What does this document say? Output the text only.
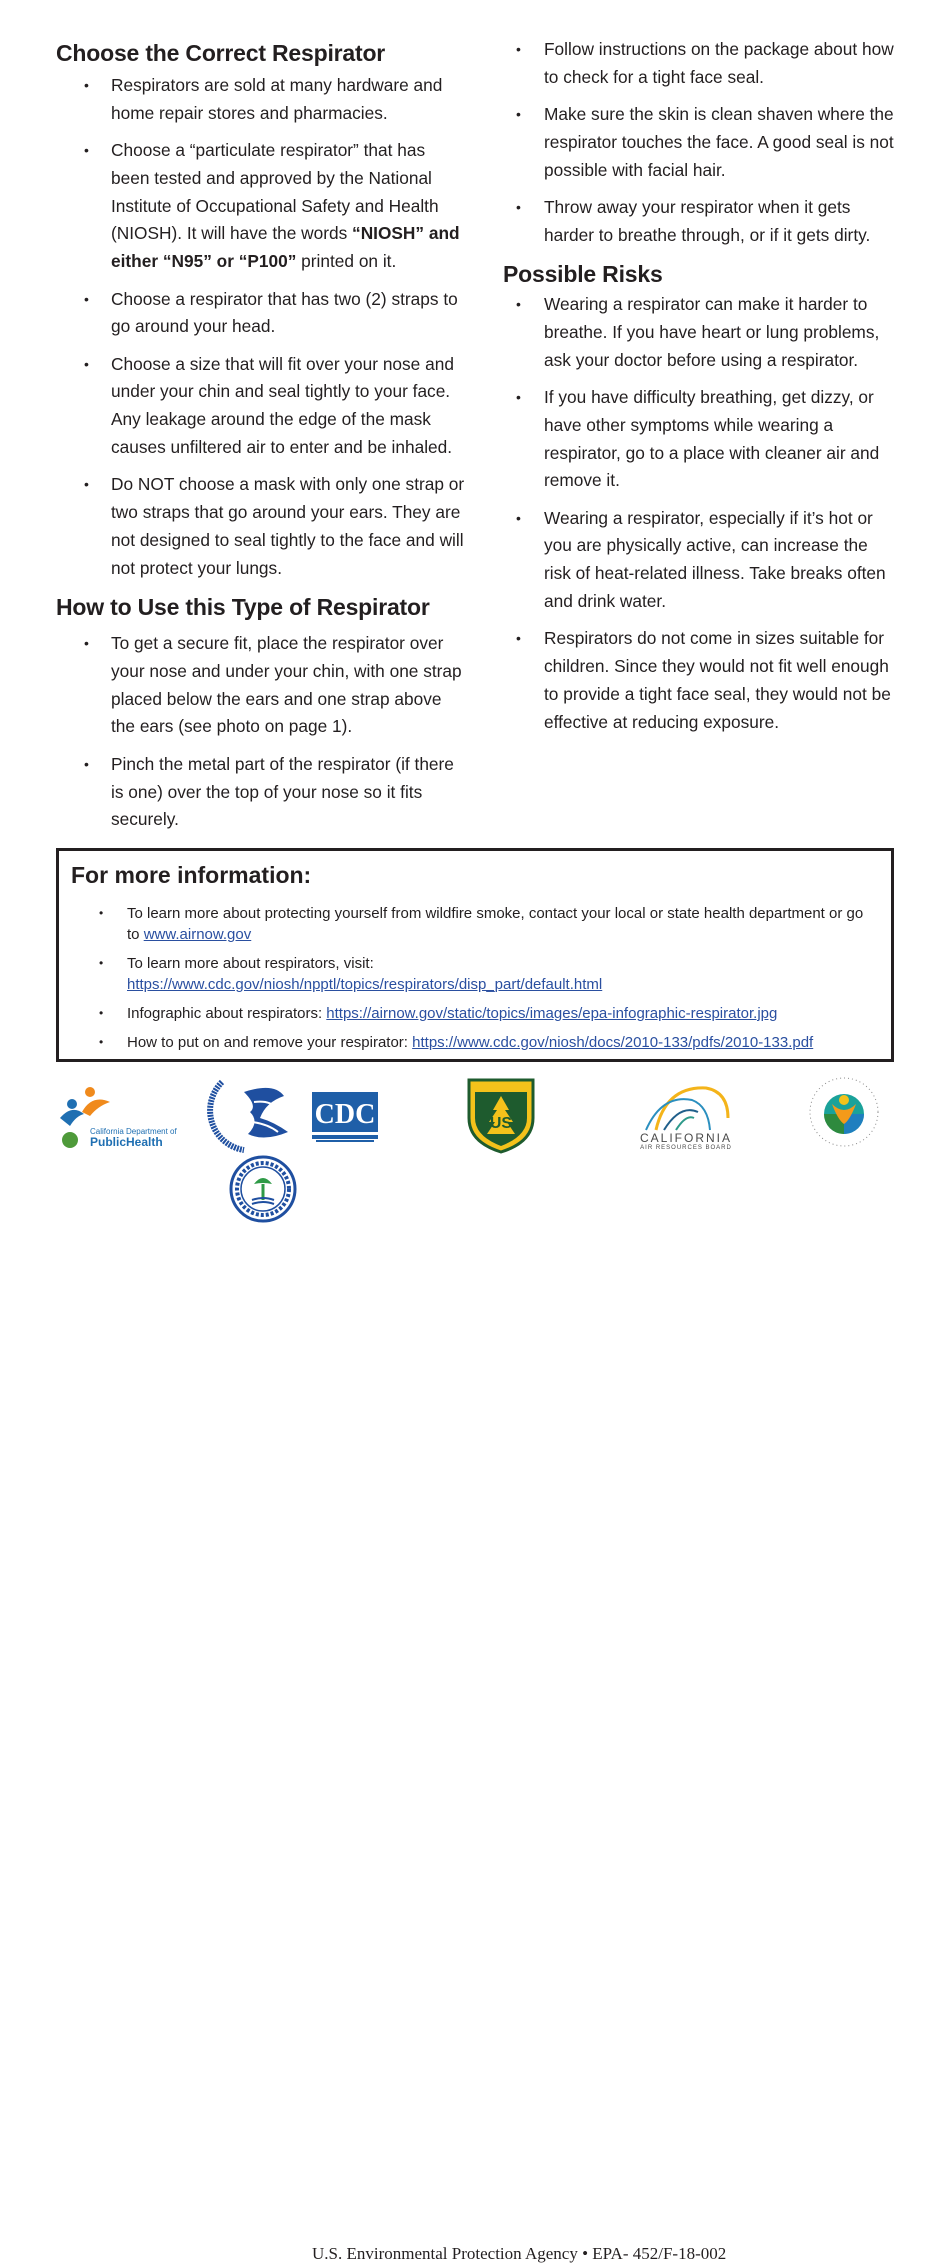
Choose the Correct Respirator
• Respirators are sold at many hardware and home repair stores and pharmacies.
• Choose a “particulate respirator” that has been tested and approved by the National Institute of Occupational Safety and Health (NIOSH). It will have the words “NIOSH” and either “N95” or “P100” printed on it.
• Choose a respirator that has two (2) straps to go around your head.
• Choose a size that will fit over your nose and under your chin and seal tightly to your face. Any leakage around the edge of the mask causes unfiltered air to enter and be inhaled.
• Do NOT choose a mask with only one strap or two straps that go around your ears. They are not designed to seal tightly to the face and will not protect your lungs.
How to Use this Type of Respirator
• To get a secure fit, place the respirator over your nose and under your chin, with one strap placed below the ears and one strap above the ears (see photo on page 1).
• Pinch the metal part of the respirator (if there is one) over the top of your nose so it fits securely.
• Follow instructions on the package about how to check for a tight face seal.
• Make sure the skin is clean shaven where the respirator touches the face. A good seal is not possible with facial hair.
• Throw away your respirator when it gets harder to breathe through, or if it gets dirty.
Possible Risks
• Wearing a respirator can make it harder to breathe. If you have heart or lung problems, ask your doctor before using a respirator.
• If you have difficulty breathing, get dizzy, or have other symptoms while wearing a respirator, go to a place with cleaner air and remove it.
• Wearing a respirator, especially if it’s hot or you are physically active, can increase the risk of heat-related illness. Take breaks often and drink water.
• Respirators do not come in sizes suitable for children. Since they would not fit well enough to provide a tight face seal, they would not be effective at reducing exposure.
For more information:
• To learn more about protecting yourself from wildfire smoke, contact your local or state health department or go to www.airnow.gov
• To learn more about respirators, visit:
https://www.cdc.gov/niosh/npptl/topics/respirators/disp_part/default.html
• Infographic about respirators: https://airnow.gov/static/topics/images/epa-infographic-respirator.jpg
• How to put on and remove your respirator: https://www.cdc.gov/niosh/docs/2010-133/pdfs/2010-133.pdf
California Department of
PublicHealth
CDC	US
CALIFORNIA
AIR RESOURCES BOARD
U.S. Environmental Protection Agency • EPA- 452/F-18-002
